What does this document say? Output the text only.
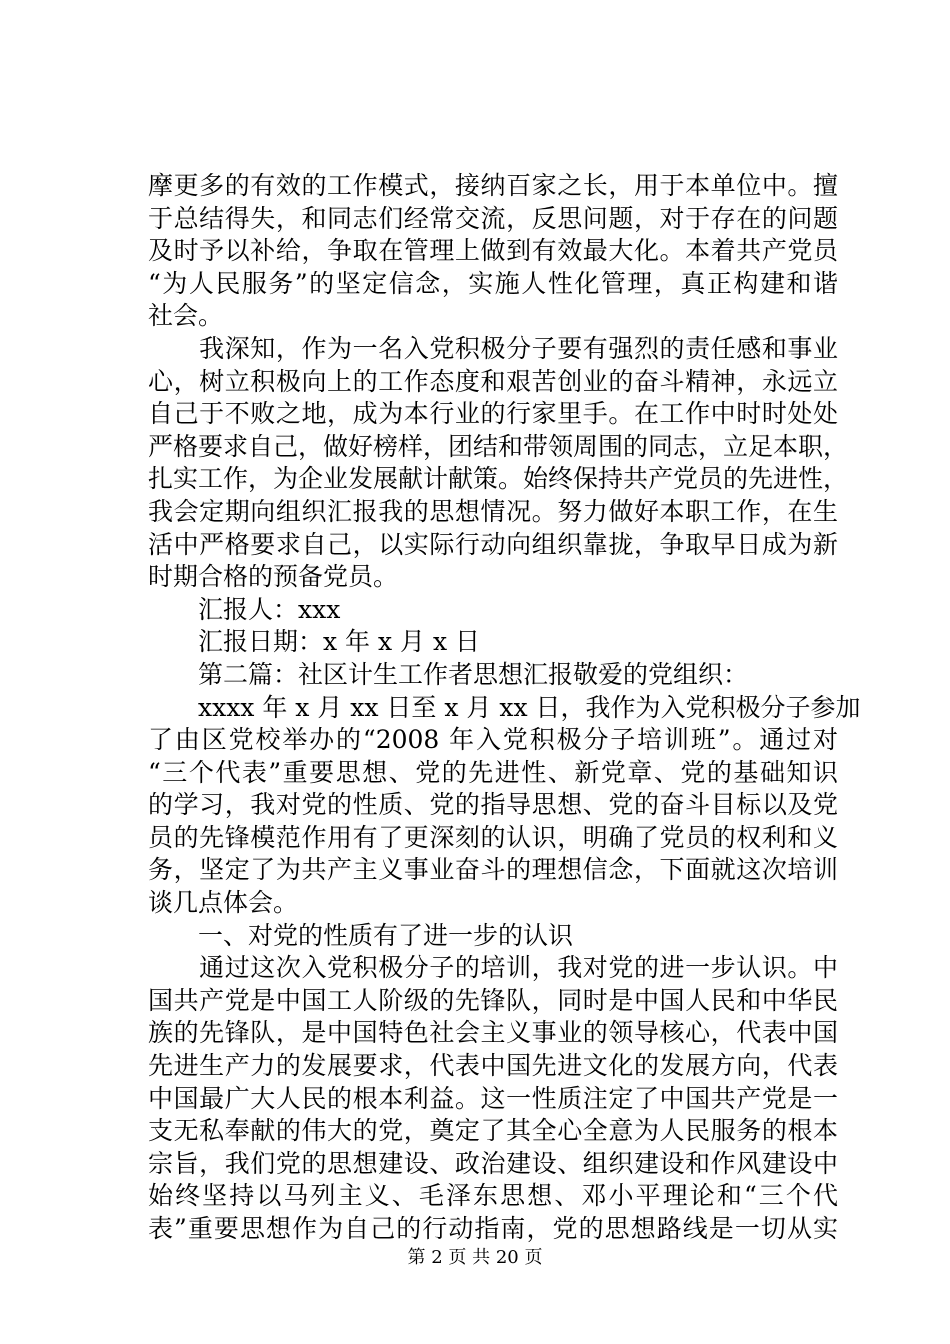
摩更多的有效的工作模式，接纳百家之长，用于本单位中。擅
于总结得失，和同志们经常交流，反思问题，对于存在的问题
及时予以补给，争取在管理上做到有效最大化。本着共产党员
“为人民服务”的坚定信念，实施人性化管理，真正构建和谐
社会。
　　我深知，作为一名入党积极分子要有强烈的责任感和事业
心，树立积极向上的工作态度和艰苦创业的奋斗精神，永远立
自己于不败之地，成为本行业的行家里手。在工作中时时处处
严格要求自己，做好榜样，团结和带领周围的同志，立足本职，
扎实工作，为企业发展献计献策。始终保持共产党员的先进性，
我会定期向组织汇报我的思想情况。努力做好本职工作，在生
活中严格要求自己，以实际行动向组织靠拢，争取早日成为新
时期合格的预备党员。
　　汇报人：xxx
　　汇报日期：x 年 x 月 x 日
　　第二篇：社区计生工作者思想汇报敬爱的党组织：
　　xxxx 年 x 月 xx 日至 x 月 xx 日，我作为入党积极分子参加
了由区党校举办的“2008 年入党积极分子培训班”。通过对
“三个代表”重要思想、党的先进性、新党章、党的基础知识
的学习，我对党的性质、党的指导思想、党的奋斗目标以及党
员的先锋模范作用有了更深刻的认识，明确了党员的权利和义
务，坚定了为共产主义事业奋斗的理想信念，下面就这次培训
谈几点体会。
　　一、对党的性质有了进一步的认识
　　通过这次入党积极分子的培训，我对党的进一步认识。中
国共产党是中国工人阶级的先锋队，同时是中国人民和中华民
族的先锋队，是中国特色社会主义事业的领导核心，代表中国
先进生产力的发展要求，代表中国先进文化的发展方向，代表
中国最广大人民的根本利益。这一性质注定了中国共产党是一
支无私奉献的伟大的党，奠定了其全心全意为人民服务的根本
宗旨，我们党的思想建设、政治建设、组织建设和作风建设中
始终坚持以马列主义、毛泽东思想、邓小平理论和“三个代
表”重要思想作为自己的行动指南，党的思想路线是一切从实
第 2 页 共 20 页
